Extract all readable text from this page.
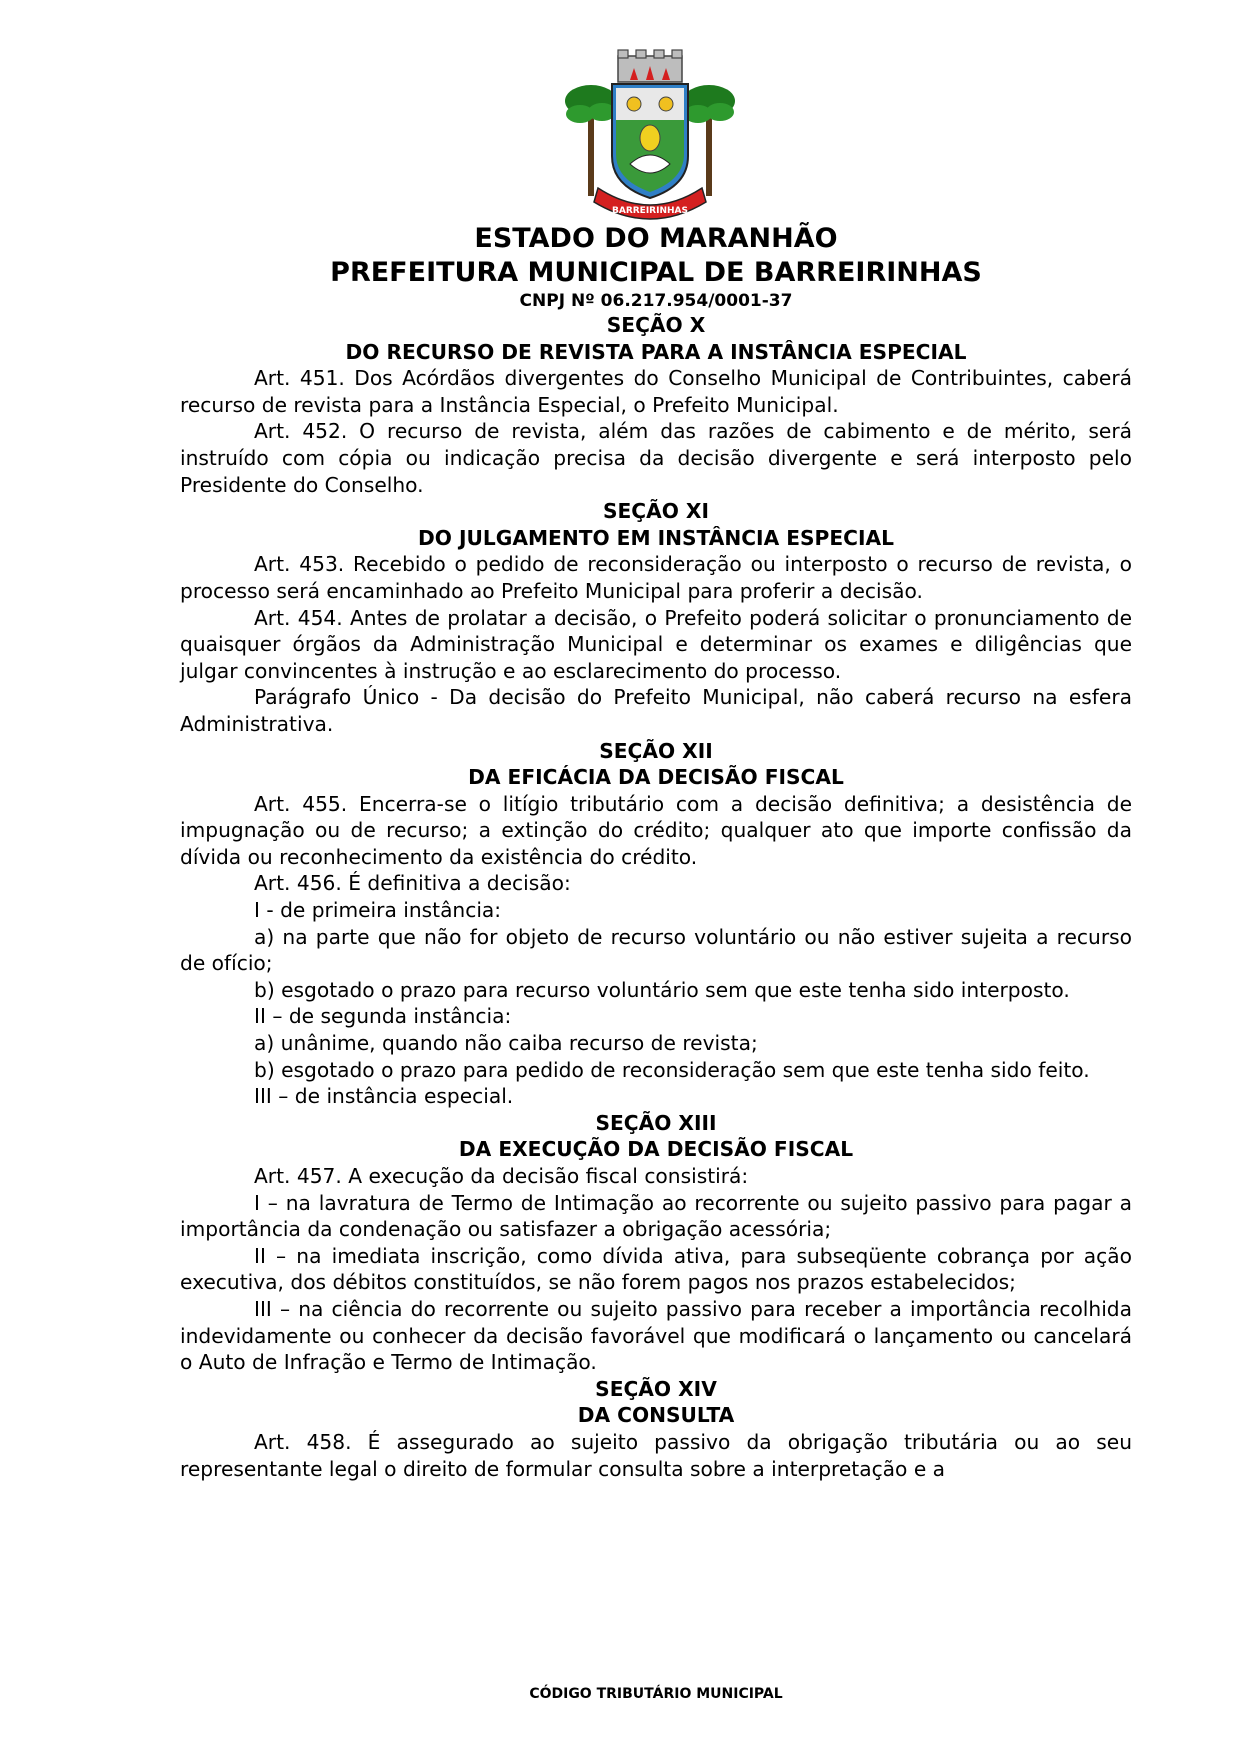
BARREIRINHAS
ESTADO DO MARANHÃO
PREFEITURA MUNICIPAL DE BARREIRINHAS
CNPJ Nº 06.217.954/0001-37

SEÇÃO X

DO RECURSO DE REVISTA PARA A INSTÂNCIA ESPECIAL

Art. 451. Dos Acórdãos divergentes do Conselho Municipal de Contribuintes, caberá recurso de revista para a Instância Especial, o Prefeito Municipal.

Art. 452. O recurso de revista, além das razões de cabimento e de mérito, será instruído com cópia ou indicação precisa da decisão divergente e será interposto pelo Presidente do Conselho.

SEÇÃO XI

DO JULGAMENTO EM INSTÂNCIA ESPECIAL

Art. 453. Recebido o pedido de reconsideração ou interposto o recurso de revista, o processo será encaminhado ao Prefeito Municipal para proferir a decisão.

Art. 454. Antes de prolatar a decisão, o Prefeito poderá solicitar o pronunciamento de quaisquer órgãos da Administração Municipal e determinar os exames e diligências que julgar convincentes à instrução e ao esclarecimento do processo.

Parágrafo Único - Da decisão do Prefeito Municipal, não caberá recurso na esfera Administrativa.

SEÇÃO XII

DA EFICÁCIA DA DECISÃO FISCAL

Art. 455. Encerra-se o litígio tributário com a decisão definitiva; a desistência de impugnação ou de recurso; a extinção do crédito; qualquer ato que importe confissão da dívida ou reconhecimento da existência do crédito.

Art. 456. É definitiva a decisão:

I - de primeira instância:

a) na parte que não for objeto de recurso voluntário ou não estiver sujeita a recurso de ofício;

b) esgotado o prazo para recurso voluntário sem que este tenha sido interposto.

II – de segunda instância:

a) unânime, quando não caiba recurso de revista;

b) esgotado o prazo para pedido de reconsideração sem que este tenha sido feito.

III – de instância especial.

SEÇÃO XIII

DA EXECUÇÃO DA DECISÃO FISCAL

Art. 457. A execução da decisão fiscal consistirá:

I – na lavratura de Termo de Intimação ao recorrente ou sujeito passivo para pagar a importância da condenação ou satisfazer a obrigação acessória;

II – na imediata inscrição, como dívida ativa, para subseqüente cobrança por ação executiva, dos débitos constituídos, se não forem pagos nos prazos estabelecidos;

III – na ciência do recorrente ou sujeito passivo para receber a importância recolhida indevidamente ou conhecer da decisão favorável que modificará o lançamento ou cancelará o Auto de Infração e Termo de Intimação.

SEÇÃO XIV

DA CONSULTA

Art. 458. É assegurado ao sujeito passivo da obrigação tributária ou ao seu representante legal o direito de formular consulta sobre a interpretação e a

CÓDIGO TRIBUTÁRIO MUNICIPAL
